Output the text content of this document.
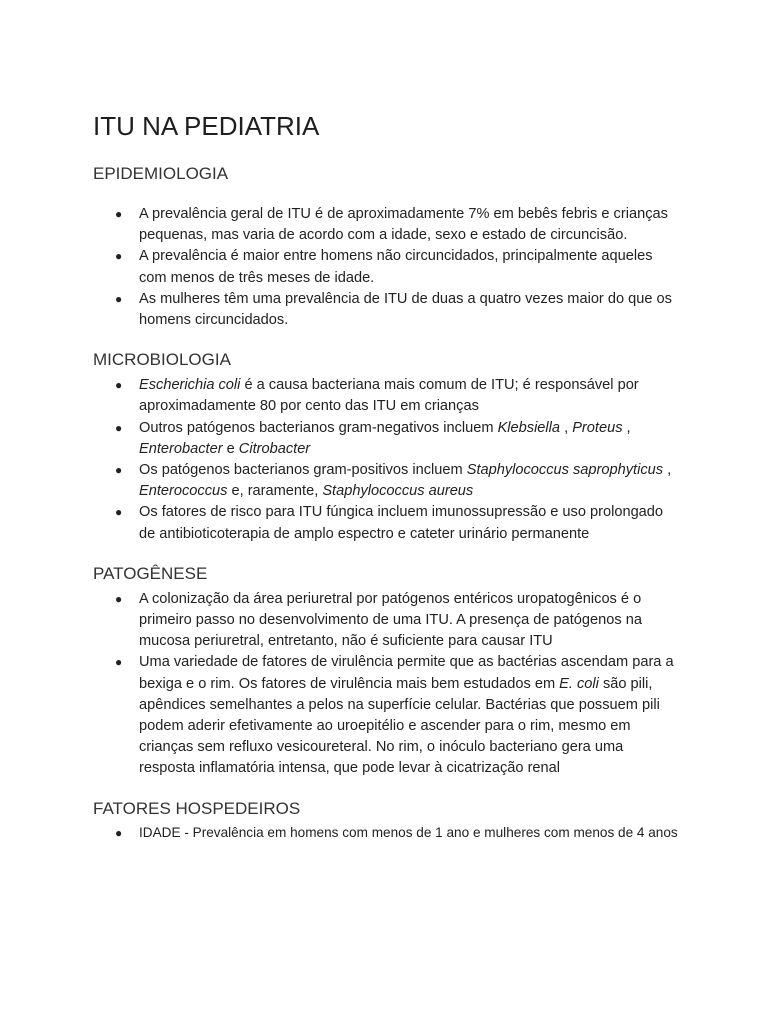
ITU NA PEDIATRIA
EPIDEMIOLOGIA
● A prevalência geral de ITU é de aproximadamente 7% em bebês febris e crianças pequenas, mas varia de acordo com a idade, sexo e estado de circuncisão.
● A prevalência é maior entre homens não circuncidados, principalmente aqueles com menos de três meses de idade.
● As mulheres têm uma prevalência de ITU de duas a quatro vezes maior do que os homens circuncidados.
MICROBIOLOGIA
● Escherichia coli é a causa bacteriana mais comum de ITU; é responsável por aproximadamente 80 por cento das ITU em crianças
● Outros patógenos bacterianos gram-negativos incluem Klebsiella , Proteus , Enterobacter e Citrobacter
● Os patógenos bacterianos gram-positivos incluem Staphylococcus saprophyticus , Enterococcus e, raramente, Staphylococcus aureus
● Os fatores de risco para ITU fúngica incluem imunossupressão e uso prolongado de antibioticoterapia de amplo espectro e cateter urinário permanente
PATOGÊNESE
● A colonização da área periuretral por patógenos entéricos uropatogênicos é o primeiro passo no desenvolvimento de uma ITU. A presença de patógenos na mucosa periuretral, entretanto, não é suficiente para causar ITU
● Uma variedade de fatores de virulência permite que as bactérias ascendam para a bexiga e o rim. Os fatores de virulência mais bem estudados em E. coli são pili, apêndices semelhantes a pelos na superfície celular. Bactérias que possuem pili podem aderir efetivamente ao uroepitélio e ascender para o rim, mesmo em crianças sem refluxo vesicoureteral. No rim, o inóculo bacteriano gera uma resposta inflamatória intensa, que pode levar à cicatrização renal
FATORES HOSPEDEIROS
● IDADE - Prevalência em homens com menos de 1 ano e mulheres com menos de 4 anos
